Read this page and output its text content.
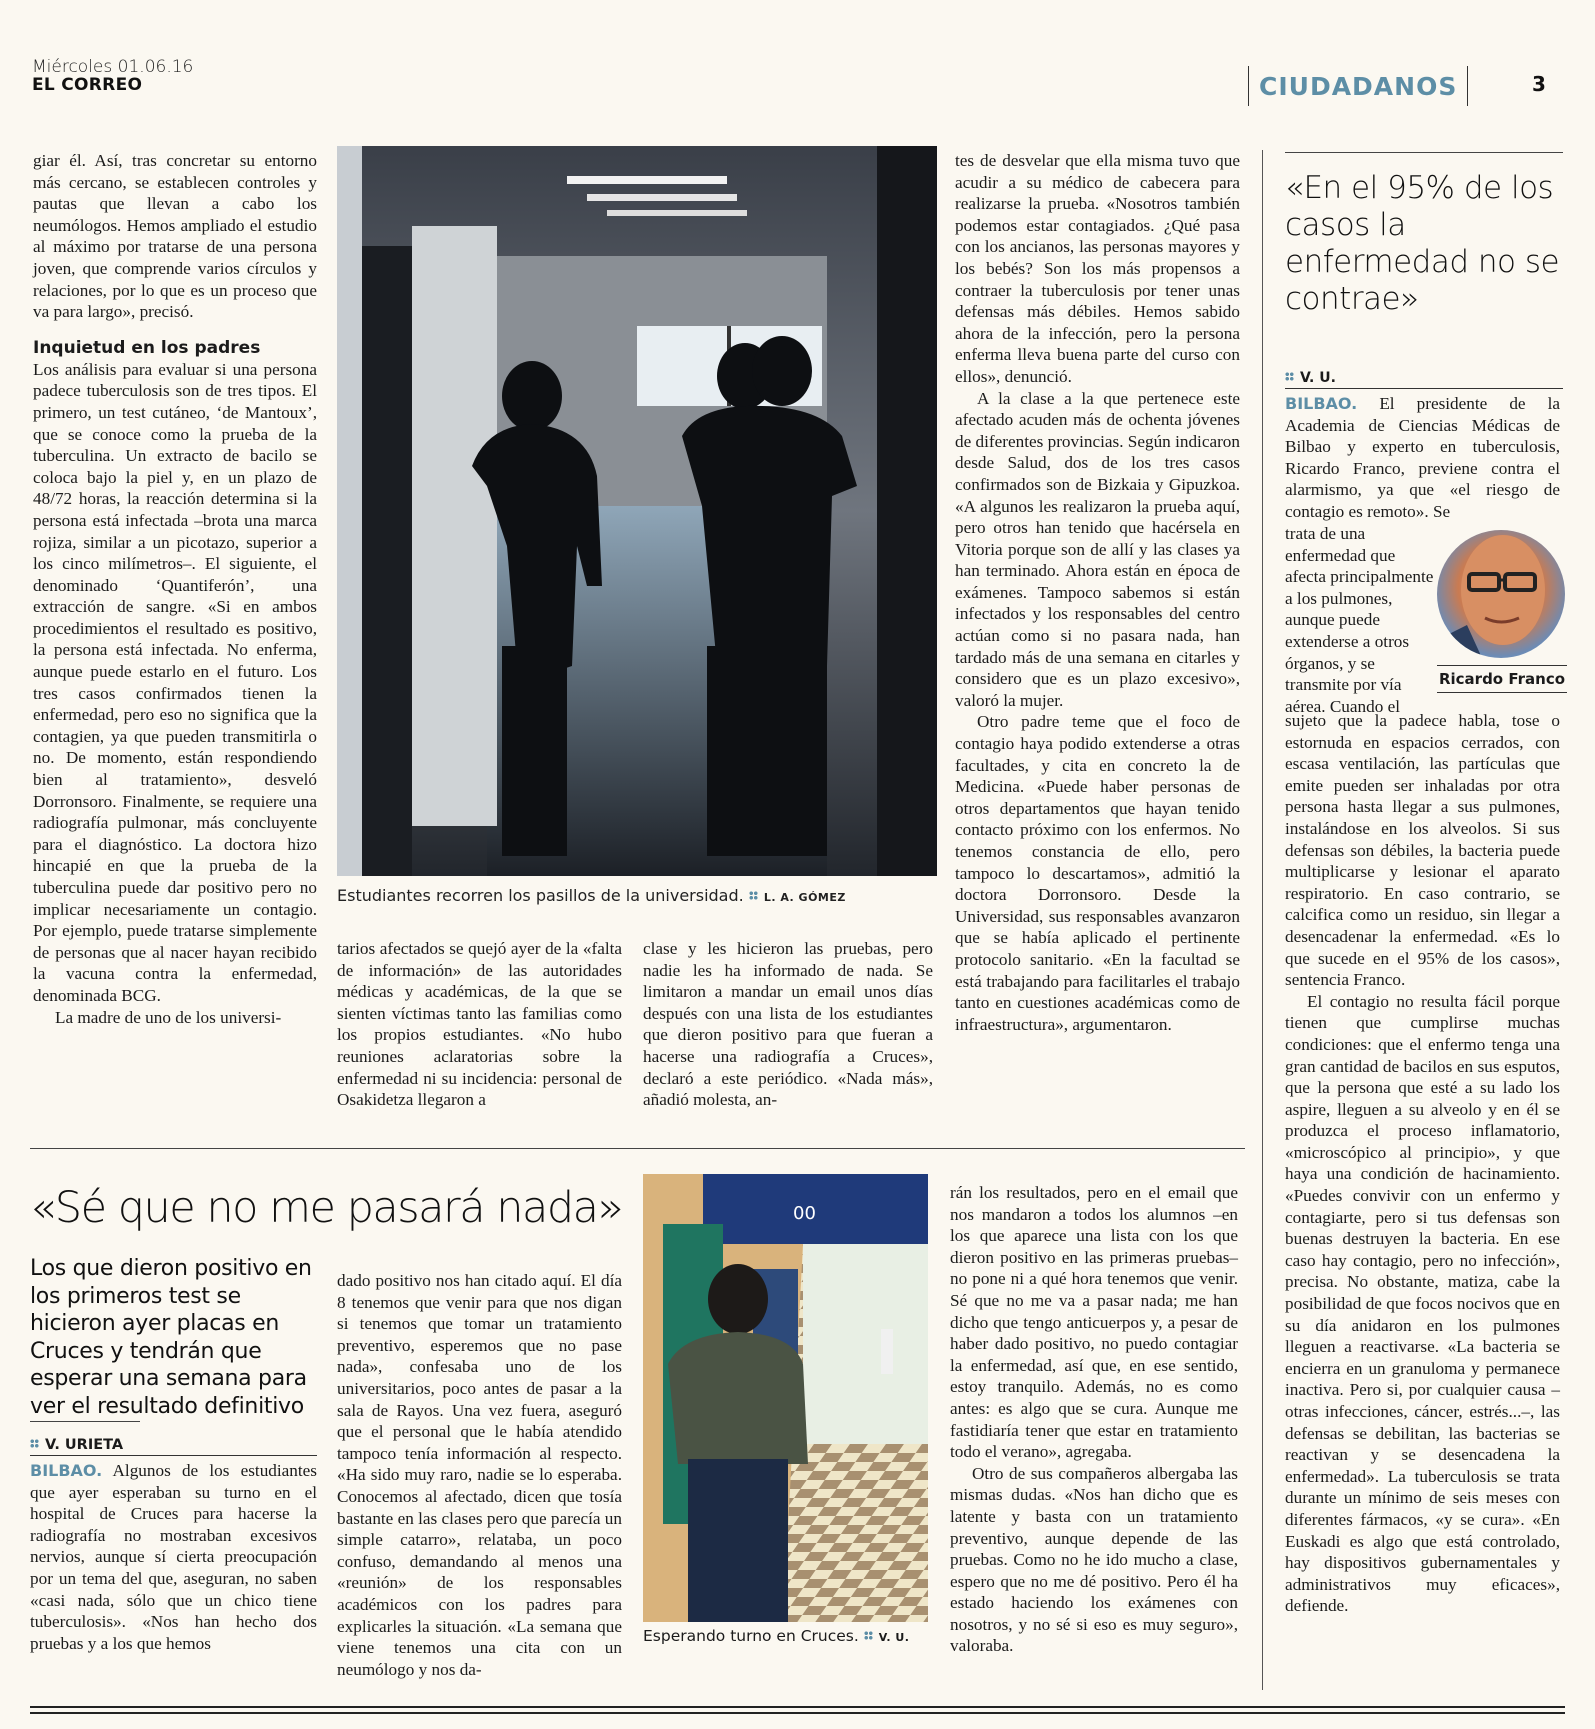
Miércoles 01.06.16
EL CORREO	CIUDADANOS	3

giar él. Así, tras concretar su entorno más cercano, se establecen controles y pautas que llevan a cabo los neumólogos. Hemos ampliado el estudio al máximo por tratarse de una persona joven, que comprende varios círculos y relaciones, por lo que es un proceso que va para largo», precisó.

Inquietud en los padres

Los análisis para evaluar si una persona padece tuberculosis son de tres tipos. El primero, un test cutáneo, ‘de Mantoux’, que se conoce como la prueba de la tuberculina. Un extracto de bacilo se coloca bajo la piel y, en un plazo de 48/72 horas, la reacción determina si la persona está infectada –brota una marca rojiza, similar a un picotazo, superior a los cinco milímetros–. El siguiente, el denominado ‘Quantiferón’, una extracción de sangre. «Si en ambos procedimientos el resultado es positivo, la persona está infectada. No enferma, aunque puede estarlo en el futuro. Los tres casos confirmados tienen la enfermedad, pero eso no significa que la contagien, ya que pueden transmitirla o no. De momento, están respondiendo bien al tratamiento», desveló Dorronsoro. Finalmente, se requiere una radiografía pulmonar, más concluyente para el diagnóstico. La doctora hizo hincapié en que la prueba de la tuberculina puede dar positivo pero no implicar necesariamente un contagio. Por ejemplo, puede tratarse simplemente de personas que al nacer hayan recibido la vacuna contra la enfermedad, denominada BCG.

La madre de uno de los universi-

Estudiantes recorren los pasillos de la universidad. L. A. GÓMEZ

tarios afectados se quejó ayer de la «falta de información» de las autoridades médicas y académicas, de la que se sienten víctimas tanto las familias como los propios estudiantes. «No hubo reuniones aclaratorias sobre la enfermedad ni su incidencia: personal de Osakidetza llegaron a

clase y les hicieron las pruebas, pero nadie les ha informado de nada. Se limitaron a mandar un email unos días después con una lista de los estudiantes que dieron positivo para que fueran a hacerse una radiografía a Cruces», declaró a este periódico. «Nada más», añadió molesta, an-

tes de desvelar que ella misma tuvo que acudir a su médico de cabecera para realizarse la prueba. «Nosotros también podemos estar contagiados. ¿Qué pasa con los ancianos, las personas mayores y los bebés? Son los más propensos a contraer la tuberculosis por tener unas defensas más débiles. Hemos sabido ahora de la infección, pero la persona enferma lleva buena parte del curso con ellos», denunció.

A la clase a la que pertenece este afectado acuden más de ochenta jóvenes de diferentes provincias. Según indicaron desde Salud, dos de los tres casos confirmados son de Bizkaia y Gipuzkoa. «A algunos les realizaron la prueba aquí, pero otros han tenido que hacérsela en Vitoria porque son de allí y las clases ya han terminado. Ahora están en época de exámenes. Tampoco sabemos si están infectados y los responsables del centro actúan como si no pasara nada, han tardado más de una semana en citarles y considero que es un plazo excesivo», valoró la mujer.

Otro padre teme que el foco de contagio haya podido extenderse a otras facultades, y cita en concreto la de Medicina. «Puede haber personas de otros departamentos que hayan tenido contacto próximo con los enfermos. No tenemos constancia de ello, pero tampoco lo descartamos», admitió la doctora Dorronsoro. Desde la Universidad, sus responsables avanzaron que se había aplicado el pertinente protocolo sanitario. «En la facultad se está trabajando para facilitarles el trabajo tanto en cuestiones académicas como de infraestructura», argumentaron.

«En el 95% de los casos la enfermedad no se contrae»
V. U.

BILBAO. El presidente de la Academia de Ciencias Médicas de Bilbao y experto en tuberculosis, Ricardo Franco, previene contra el alarmismo, ya que «el riesgo de contagio es remoto». Se

trata de una enfermedad que afecta principalmente a los pulmones, aunque puede extenderse a otros órganos, y se transmite por vía aérea. Cuando el

Ricardo Franco

sujeto que la padece habla, tose o estornuda en espacios cerrados, con escasa ventilación, las partículas que emite pueden ser inhaladas por otra persona hasta llegar a sus pulmones, instalándose en los alveolos. Si sus defensas son débiles, la bacteria puede multiplicarse y lesionar el aparato respiratorio. En caso contrario, se calcifica como un residuo, sin llegar a desencadenar la enfermedad. «Es lo que sucede en el 95% de los casos», sentencia Franco.

El contagio no resulta fácil porque tienen que cumplirse muchas condiciones: que el enfermo tenga una gran cantidad de bacilos en sus esputos, que la persona que esté a su lado los aspire, lleguen a su alveolo y en él se produzca el proceso inflamatorio, «microscópico al principio», y que haya una condición de hacinamiento. «Puedes convivir con un enfermo y contagiarte, pero si tus defensas son buenas destruyen la bacteria. En ese caso hay contagio, pero no infección», precisa. No obstante, matiza, cabe la posibilidad de que focos nocivos que en su día anidaron en los pulmones lleguen a reactivarse. «La bacteria se encierra en un granuloma y permanece inactiva. Pero si, por cualquier causa –otras infecciones, cáncer, estrés...–, las defensas se debilitan, las bacterias se reactivan y se desencadena la enfermedad». La tuberculosis se trata durante un mínimo de seis meses con diferentes fármacos, «y se cura». «En Euskadi es algo que está controlado, hay dispositivos gubernamentales y administrativos muy eficaces», defiende.

«Sé que no me pasará nada»
Los que dieron positivo en los primeros test se hicieron ayer placas en Cruces y tendrán que esperar una semana para ver el resultado definitivo
V. URIETA

BILBAO. Algunos de los estudiantes que ayer esperaban su turno en el hospital de Cruces para hacerse la radiografía no mostraban excesivos nervios, aunque sí cierta preocupación por un tema del que, aseguran, no saben «casi nada, sólo que un chico tiene tuberculosis». «Nos han hecho dos pruebas y a los que hemos

dado positivo nos han citado aquí. El día 8 tenemos que venir para que nos digan si tenemos que tomar un tratamiento preventivo, esperemos que no pase nada», confesaba uno de los universitarios, poco antes de pasar a la sala de Rayos. Una vez fuera, aseguró que el personal que le había atendido tampoco tenía información al respecto. «Ha sido muy raro, nadie se lo esperaba. Conocemos al afectado, dicen que tosía bastante en las clases pero que parecía un simple catarro», relataba, un poco confuso, demandando al menos una «reunión» de los responsables académicos con los padres para explicarles la situación. «La semana que viene tenemos una cita con un neumólogo y nos da-

00
Esperando turno en Cruces. V. U.

rán los resultados, pero en el email que nos mandaron a todos los alumnos –en los que aparece una lista con los que dieron positivo en las primeras pruebas– no pone ni a qué hora tenemos que venir. Sé que no me va a pasar nada; me han dicho que tengo anticuerpos y, a pesar de haber dado positivo, no puedo contagiar la enfermedad, así que, en ese sentido, estoy tranquilo. Además, no es como antes: es algo que se cura. Aunque me fastidiaría tener que estar en tratamiento todo el verano», agregaba.

Otro de sus compañeros albergaba las mismas dudas. «Nos han dicho que es latente y basta con un tratamiento preventivo, aunque depende de las pruebas. Como no he ido mucho a clase, espero que no me dé positivo. Pero él ha estado haciendo los exámenes con nosotros, y no sé si eso es muy seguro», valoraba.
